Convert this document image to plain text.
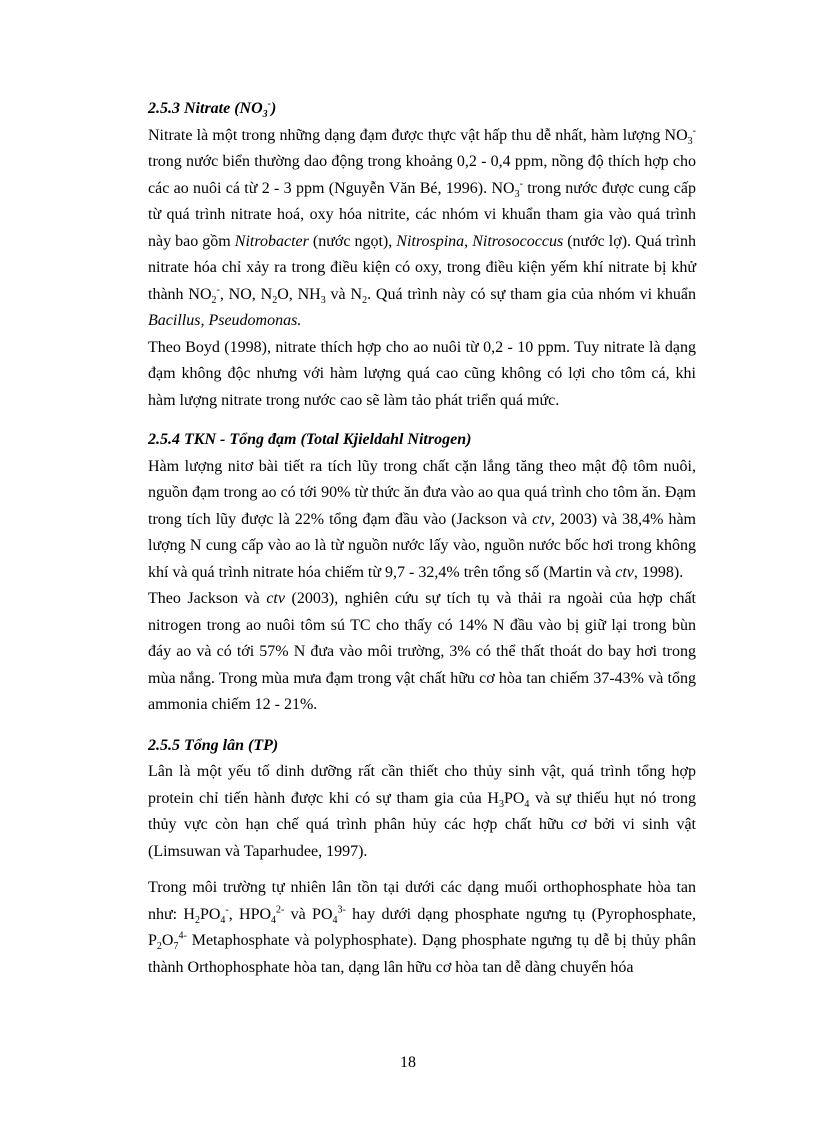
2.5.3 Nitrate $(NO_3^-)$

Nitrate là một trong những dạng đạm được thực vật hấp thu dễ nhất, hàm lượng $NO_3^-$ trong nước biển thường dao động trong khoảng 0,2 - 0,4 ppm, nồng độ thích hợp cho các ao nuôi cá từ 2 - 3 ppm (Nguyễn Văn Bé, 1996). $NO_3^-$ trong nước được cung cấp từ quá trình nitrate hoá, oxy hóa nitrite, các nhóm vi khuẩn tham gia vào quá trình này bao gồm Nitrobacter (nước ngọt), Nitrospina, Nitrosococcus (nước lợ). Quá trình nitrate hóa chỉ xảy ra trong điều kiện có oxy, trong điều kiện yếm khí nitrate bị khử thành $NO_2^-$, NO, $N_2O$, $NH_3$ và $N_2$. Quá trình này có sự tham gia của nhóm vi khuẩn Bacillus, Pseudomonas.

Theo Boyd (1998), nitrate thích hợp cho ao nuôi từ 0,2 - 10 ppm. Tuy nitrate là dạng đạm không độc nhưng với hàm lượng quá cao cũng không có lợi cho tôm cá, khi hàm lượng nitrate trong nước cao sẽ làm tảo phát triển quá mức.

2.5.4 TKN - Tổng đạm (Total Kjieldahl Nitrogen)

Hàm lượng nitơ bài tiết ra tích lũy trong chất cặn lắng tăng theo mật độ tôm nuôi, nguồn đạm trong ao có tới 90% từ thức ăn đưa vào ao qua quá trình cho tôm ăn. Đạm trong tích lũy được là 22% tổng đạm đầu vào (Jackson và ctv, 2003) và 38,4% hàm lượng N cung cấp vào ao là từ nguồn nước lấy vào, nguồn nước bốc hơi trong không khí và quá trình nitrate hóa chiếm từ 9,7 - 32,4% trên tổng số (Martin và ctv, 1998).

Theo Jackson và ctv (2003), nghiên cứu sự tích tụ và thải ra ngoài của hợp chất nitrogen trong ao nuôi tôm sú TC cho thấy có 14% N đầu vào bị giữ lại trong bùn đáy ao và có tới 57% N đưa vào môi trường, 3% có thể thất thoát do bay hơi trong mùa nắng. Trong mùa mưa đạm trong vật chất hữu cơ hòa tan chiếm 37-43% và tổng ammonia chiếm 12 - 21%.

2.5.5 Tổng lân (TP)

Lân là một yếu tố dinh dưỡng rất cần thiết cho thủy sinh vật, quá trình tổng hợp protein chỉ tiến hành được khi có sự tham gia của $H_3PO_4$ và sự thiếu hụt nó trong thủy vực còn hạn chế quá trình phân hủy các hợp chất hữu cơ bởi vi sinh vật (Limsuwan và Taparhudee, 1997).

Trong môi trường tự nhiên lân tồn tại dưới các dạng muối orthophosphate hòa tan như: $H_2PO_4^-$, $HPO_4^{2-}$ và $PO_4^{3-}$ hay dưới dạng phosphate ngưng tụ (Pyrophosphate, $P_2O_7^{4-}$ Metaphosphate và polyphosphate). Dạng phosphate ngưng tụ dễ bị thủy phân thành Orthophosphate hòa tan, dạng lân hữu cơ hòa tan dễ dàng chuyển hóa

18
